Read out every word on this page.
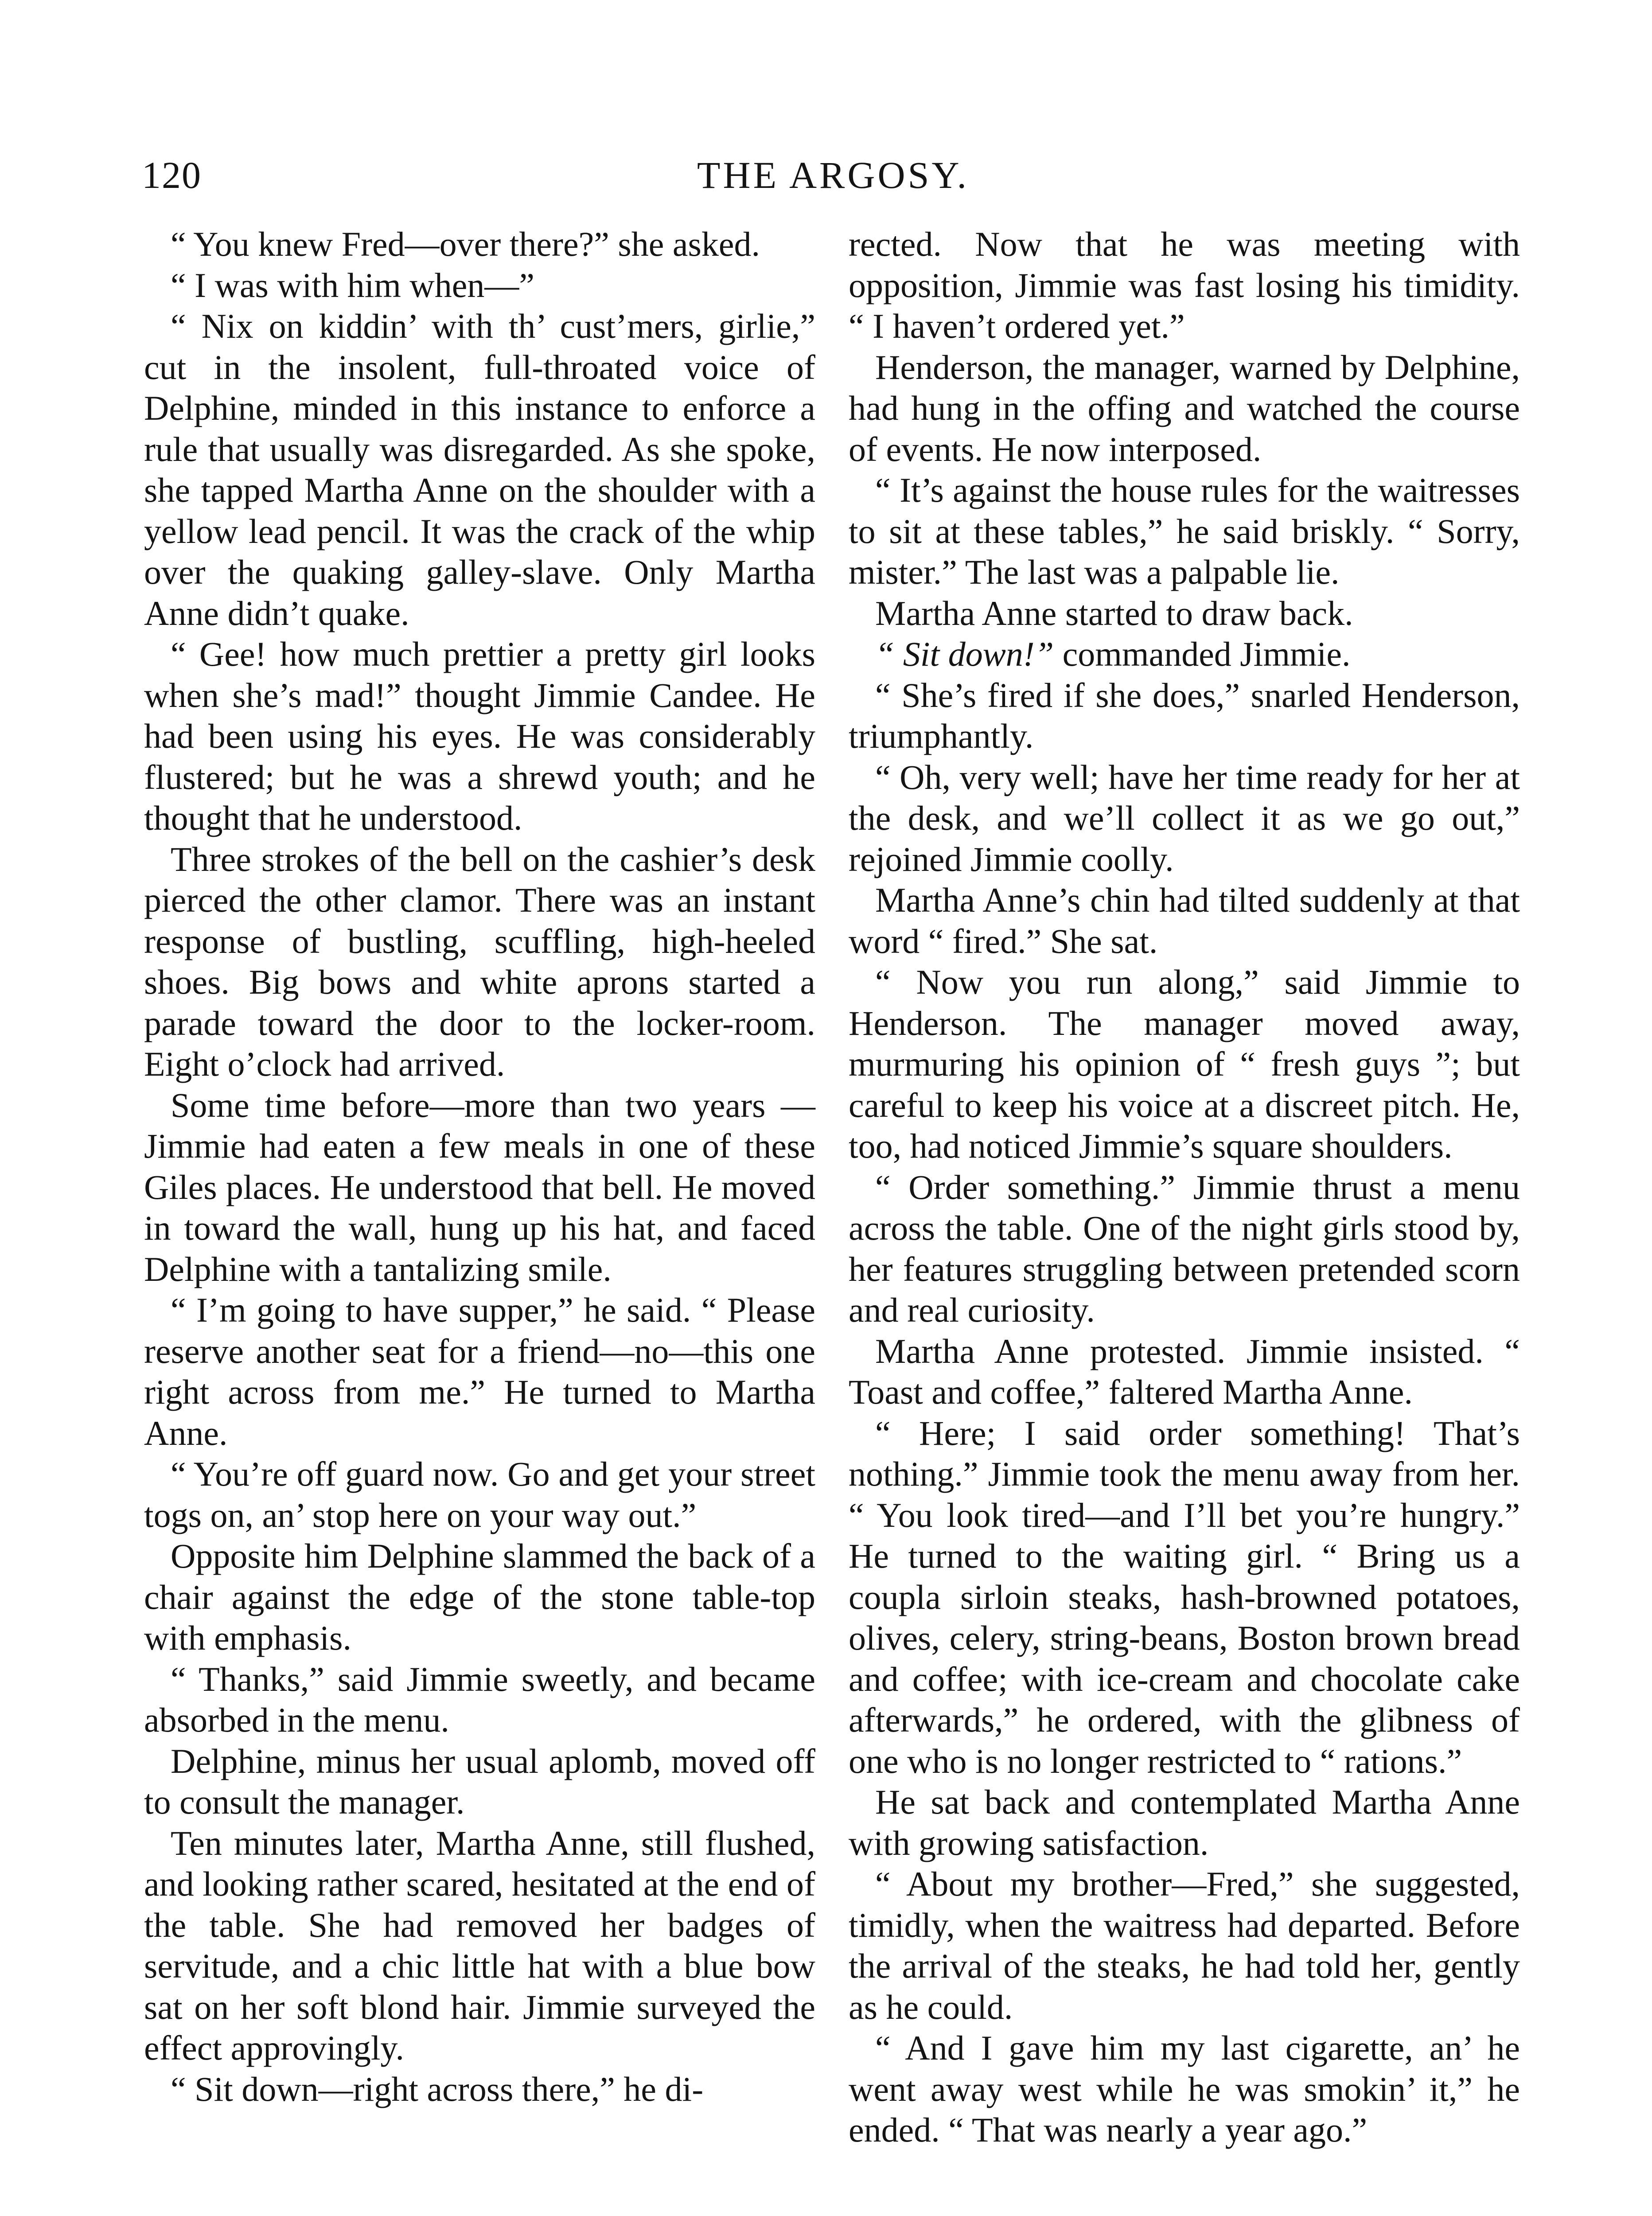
120	THE ARGOSY.

“ You knew Fred—over there?” she asked.

“ I was with him when—”

“ Nix on kiddin’ with th’ cust’mers, girlie,” cut in the insolent, full-throated voice of Delphine, minded in this instance to enforce a rule that usually was disregarded. As she spoke, she tapped Martha Anne on the shoulder with a yellow lead pencil. It was the crack of the whip over the quaking galley-slave. Only Martha Anne didn’t quake.

“ Gee! how much prettier a pretty girl looks when she’s mad!” thought Jimmie Candee. He had been using his eyes. He was considerably flustered; but he was a shrewd youth; and he thought that he understood.

Three strokes of the bell on the cashier’s desk pierced the other clamor. There was an instant response of bustling, scuffling, high-heeled shoes. Big bows and white aprons started a parade toward the door to the locker-room. Eight o’clock had arrived.

Some time before—more than two years —Jimmie had eaten a few meals in one of these Giles places. He understood that bell. He moved in toward the wall, hung up his hat, and faced Delphine with a tantalizing smile.

“ I’m going to have supper,” he said. “ Please reserve another seat for a friend—no—this one right across from me.” He turned to Martha Anne.

“ You’re off guard now. Go and get your street togs on, an’ stop here on your way out.”

Opposite him Delphine slammed the back of a chair against the edge of the stone table-top with emphasis.

“ Thanks,” said Jimmie sweetly, and became absorbed in the menu.

Delphine, minus her usual aplomb, moved off to consult the manager.

Ten minutes later, Martha Anne, still flushed, and looking rather scared, hesitated at the end of the table. She had removed her badges of servitude, and a chic little hat with a blue bow sat on her soft blond hair. Jimmie surveyed the effect approvingly.

“ Sit down—right across there,” he di-

rected. Now that he was meeting with opposition, Jimmie was fast losing his timidity. “ I haven’t ordered yet.”

Henderson, the manager, warned by Delphine, had hung in the offing and watched the course of events. He now interposed.

“ It’s against the house rules for the waitresses to sit at these tables,” he said briskly. “ Sorry, mister.” The last was a palpable lie.

Martha Anne started to draw back.

“ Sit down!” commanded Jimmie.

“ She’s fired if she does,” snarled Henderson, triumphantly.

“ Oh, very well; have her time ready for her at the desk, and we’ll collect it as we go out,” rejoined Jimmie coolly.

Martha Anne’s chin had tilted suddenly at that word “ fired.” She sat.

“ Now you run along,” said Jimmie to Henderson. The manager moved away, murmuring his opinion of “ fresh guys ”; but careful to keep his voice at a discreet pitch. He, too, had noticed Jimmie’s square shoulders.

“ Order something.” Jimmie thrust a menu across the table. One of the night girls stood by, her features struggling between pretended scorn and real curiosity.

Martha Anne protested. Jimmie insisted. “ Toast and coffee,” faltered Martha Anne.

“ Here; I said order something! That’s nothing.” Jimmie took the menu away from her. “ You look tired—and I’ll bet you’re hungry.” He turned to the waiting girl. “ Bring us a coupla sirloin steaks, hash-browned potatoes, olives, celery, string-beans, Boston brown bread and coffee; with ice-cream and chocolate cake afterwards,” he ordered, with the glibness of one who is no longer restricted to “ rations.”

He sat back and contemplated Martha Anne with growing satisfaction.

“ About my brother—Fred,” she suggested, timidly, when the waitress had departed. Before the arrival of the steaks, he had told her, gently as he could.

“ And I gave him my last cigarette, an’ he went away west while he was smokin’ it,” he ended. “ That was nearly a year ago.”
